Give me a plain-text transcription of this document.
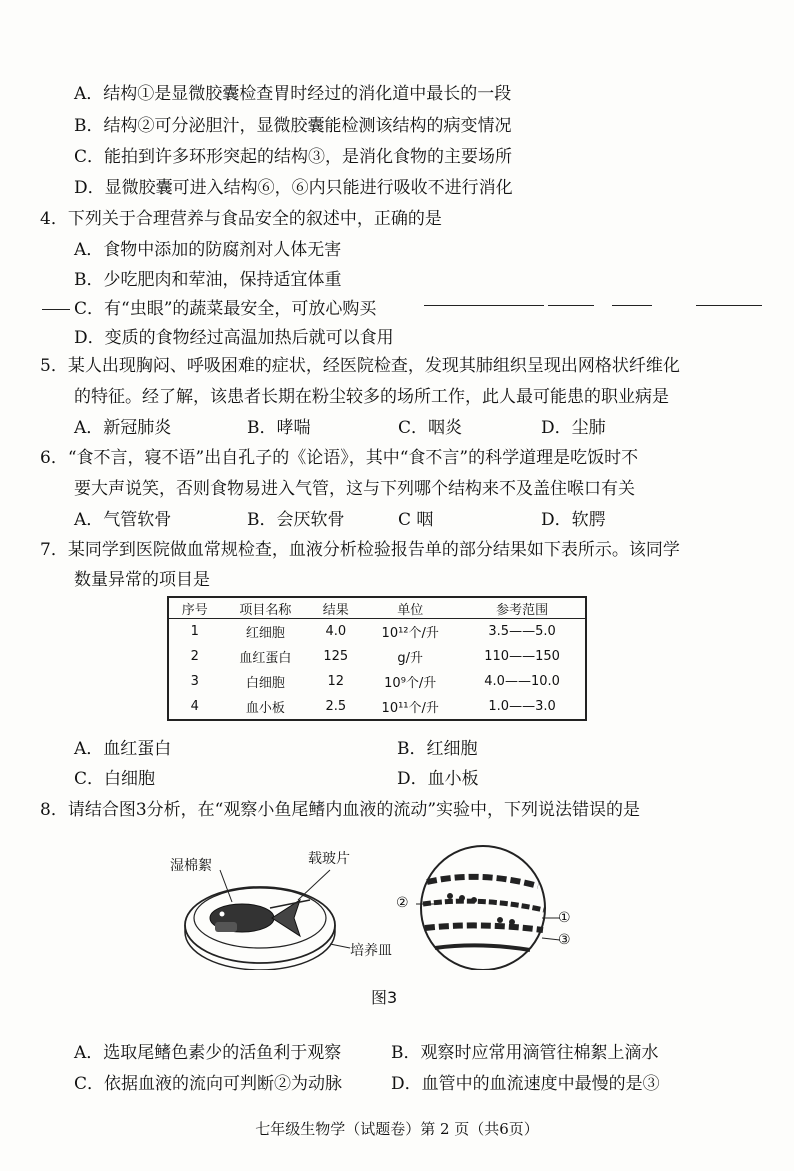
A．结构①是显微胶囊检查胃时经过的消化道中最长的一段
B．结构②可分泌胆汁，显微胶囊能检测该结构的病变情况
C．能拍到许多环形突起的结构③，是消化食物的主要场所
D．显微胶囊可进入结构⑥，⑥内只能进行吸收不进行消化
4．下列关于合理营养与食品安全的叙述中，正确的是
A．食物中添加的防腐剂对人体无害
B．少吃肥肉和荤油，保持适宜体重
C．有“虫眼”的蔬菜最安全，可放心购买
D．变质的食物经过高温加热后就可以食用
5．某人出现胸闷、呼吸困难的症状，经医院检查，发现其肺组织呈现出网格状纤维化
的特征。经了解，该患者长期在粉尘较多的场所工作，此人最可能患的职业病是
A．新冠肺炎	B．哮喘	C．咽炎	D．尘肺
6．“食不言，寝不语”出自孔子的《论语》，其中“食不言”的科学道理是吃饭时不
要大声说笑，否则食物易进入气管，这与下列哪个结构来不及盖住喉口有关
A．气管软骨	B．会厌软骨	C 咽	D．软腭
7．某同学到医院做血常规检查，血液分析检验报告单的部分结果如下表所示。该同学
数量异常的项目是
序号	项目名称	结果	单位	参考范围
1	红细胞	4.0	10¹²个/升	3.5——5.0
2	血红蛋白	125	g/升	110——150
3	白细胞	12	10⁹个/升	4.0——10.0
4	血小板	2.5	10¹¹个/升	1.0——3.0
A．血红蛋白	B．红细胞
C．白细胞	D．血小板
8．请结合图3分析，在“观察小鱼尾鳍内血液的流动”实验中，下列说法错误的是
湿棉絮	载玻片
培养皿
②
①
③
图3
A．选取尾鳍色素少的活鱼利于观察	B．观察时应常用滴管往棉絮上滴水
C．依据血液的流向可判断②为动脉	D．血管中的血流速度中最慢的是③
七年级生物学（试题卷）第 2 页（共6页）
